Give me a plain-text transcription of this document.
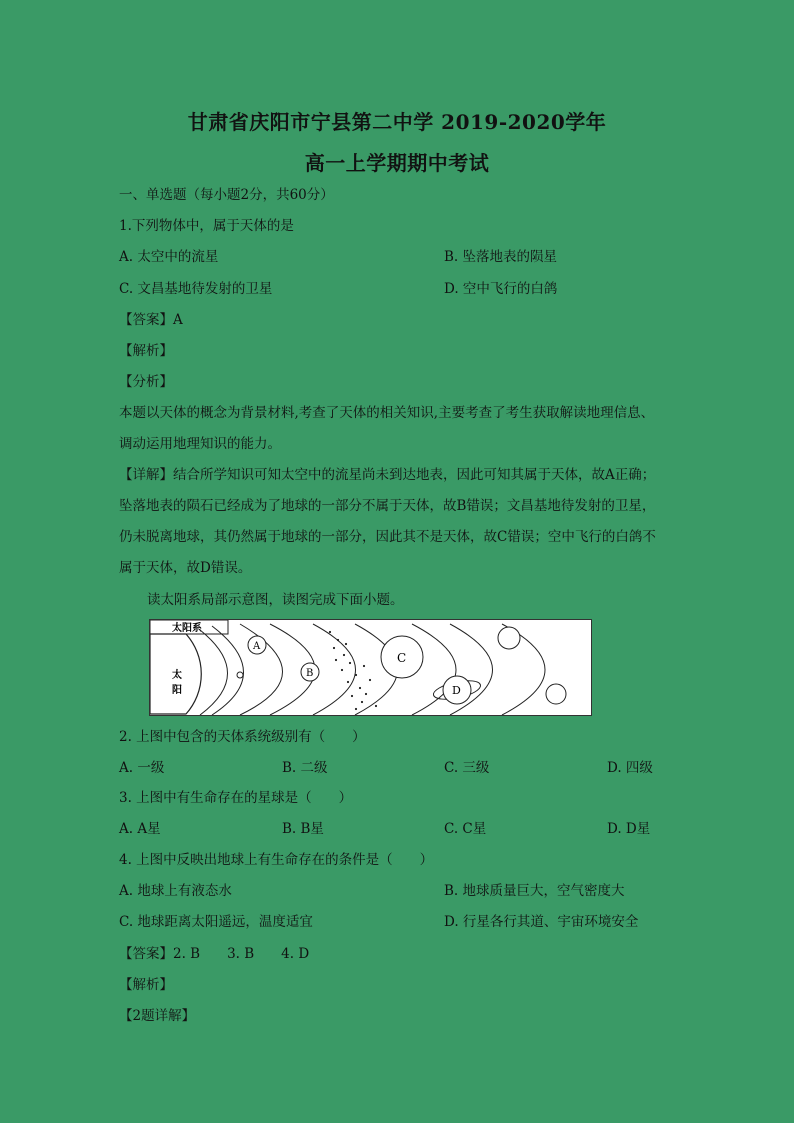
甘肃省庆阳市宁县第二中学 2019-2020学年
高一上学期期中考试
一、单选题（每小题2分，共60分）
1.下列物体中，属于天体的是
A. 太空中的流星	B. 坠落地表的陨星
C. 文昌基地待发射的卫星	D. 空中飞行的白鸽
【答案】A
【解析】
【分析】
本题以天体的概念为背景材料,考查了天体的相关知识,主要考查了考生获取解读地理信息、
调动运用地理知识的能力。
【详解】结合所学知识可知太空中的流星尚未到达地表，因此可知其属于天体，故A正确；
坠落地表的陨石已经成为了地球的一部分不属于天体，故B错误；文昌基地待发射的卫星，
仍未脱离地球，其仍然属于地球的一部分，因此其不是天体，故C错误；空中飞行的白鸽不
属于天体，故D错误。
读太阳系局部示意图，读图完成下面小题。
太阳系
太
阳
A
B
C
D
2. 上图中包含的天体系统级别有（　　）
A. 一级	B. 二级	C. 三级	D. 四级
3. 上图中有生命存在的星球是（　　）
A. A星	B. B星	C. C星	D. D星
4. 上图中反映出地球上有生命存在的条件是（　　）
A. 地球上有液态水	B. 地球质量巨大，空气密度大
C. 地球距离太阳遥远，温度适宜	D. 行星各行其道、宇宙环境安全
【答案】2. B　　3. B　　4. D
【解析】
【2题详解】
